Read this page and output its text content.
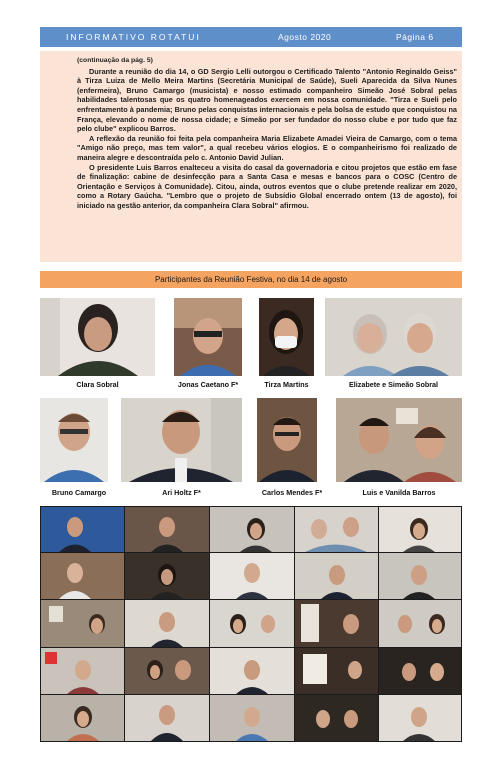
INFORMATIVO ROTATUI	Agosto 2020	Página 6
(continuação da pág. 5)

Durante a reunião do dia 14, o GD Sergio Lelli outorgou o Certificado Talento "Antonio Reginaldo Geiss" à Tirza Luiza de Mello Meira Martins (Secretária Municipal de Saúde), Sueli Aparecida da Silva Nunes (enfermeira), Bruno Camargo (musicista) e nosso estimado companheiro Simeão José Sobral pelas habilidades talentosas que os quatro homenageados exercem em nossa comunidade. "Tirza e Sueli pelo enfrentamento à pandemia; Bruno pelas conquistas internacionais e pela bolsa de estudo que conquistou na França, elevando o nome de nossa cidade; e Simeão por ser fundador do nosso clube e por tudo que faz pelo clube" explicou Barros.

A reflexão da reunião foi feita pela companheira Maria Elizabete Amadei Vieira de Camargo, com o tema "Amigo não preço, mas tem valor", a qual recebeu vários elogios. E o companheirismo foi realizado de maneira alegre e descontraída pelo c. Antonio David Julian.

O presidente Luis Barros enalteceu a visita do casal da governadoria e citou projetos que estão em fase de finalização: cabine de desinfecção para a Santa Casa e mesas e bancos para o COSC (Centro de Orientação e Serviços à Comunidade). Citou, ainda, outros eventos que o clube pretende realizar em 2020, como a Rotary Gaúcha. "Lembro que o projeto de Subsídio Global encerrado ontem (13 de agosto), foi iniciado na gestão anterior, da companheira Clara Sobral" afirmou.

Participantes da Reunião Festiva, no dia 14 de agosto
Clara Sobral	Jonas Caetano F*	Tirza Martins	Elizabete e Simeão Sobral
Bruno Camargo	Ari Holtz F*	Carlos Mendes F*	Luis e Vanilda Barros
